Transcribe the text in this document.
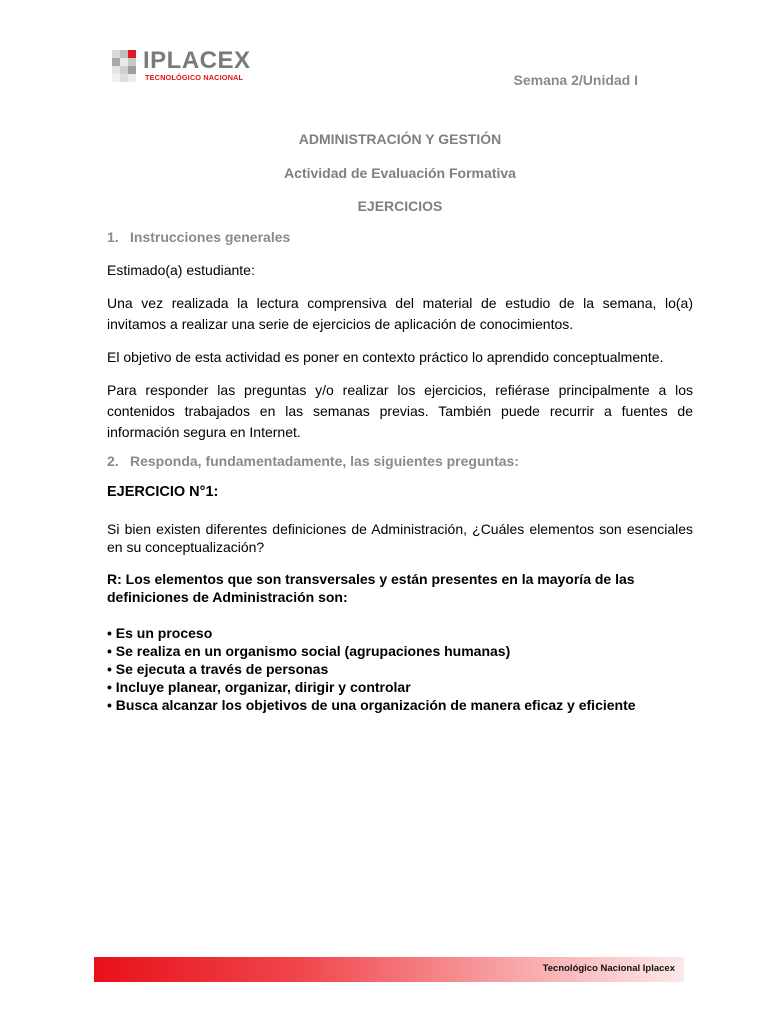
IPLACEX
TECNOLÓGICO NACIONAL	Semana 2/Unidad I

ADMINISTRACIÓN Y GESTIÓN

Actividad de Evaluación Formativa

EJERCICIOS

1. Instrucciones generales

Estimado(a) estudiante:

Una vez realizada la lectura comprensiva del material de estudio de la semana, lo(a) invitamos a realizar una serie de ejercicios de aplicación de conocimientos.

El objetivo de esta actividad es poner en contexto práctico lo aprendido conceptualmente.

Para responder las preguntas y/o realizar los ejercicios, refiérase principalmente a los contenidos trabajados en las semanas previas. También puede recurrir a fuentes de información segura en Internet.

2. Responda, fundamentadamente, las siguientes preguntas:

EJERCICIO N°1:

Si bien existen diferentes definiciones de Administración, ¿Cuáles elementos son esenciales en su conceptualización?

R: Los elementos que son transversales y están presentes en la mayoría de las definiciones de Administración son:

• Es un proceso
• Se realiza en un organismo social (agrupaciones humanas)
• Se ejecuta a través de personas
• Incluye planear, organizar, dirigir y controlar
• Busca alcanzar los objetivos de una organización de manera eficaz y eficiente
Tecnológico Nacional Iplacex
